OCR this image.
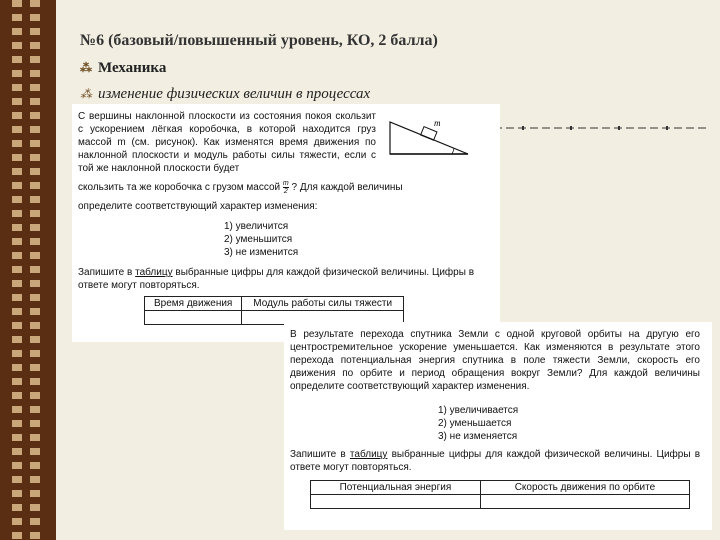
№6 (базовый/повышенный уровень, КО, 2 балла)
⁂ Механика
⁂ изменение физических величин в процессах
С вершины наклонной плоскости из состояния покоя скользит с ускорением лёгкая коробочка, в которой находится груз массой m (см. рисунок). Как изменятся время движения по наклонной плоскости и модуль работы силы тяжести, если с той же наклонной плоскости будет
скользить та же коробочка с грузом массой $\frac{m}{2}$ ? Для каждой величины
определите соответствующий характер изменения:
1) увеличится
2) уменьшится
3) не изменится
Запишите в таблицу выбранные цифры для каждой физической величины. Цифры в ответе могут повторяться.
Время движения	Модуль работы силы тяжести

m
В результате перехода спутника Земли с одной круговой орбиты на другую его центростремительное ускорение уменьшается. Как изменяются в результате этого перехода потенциальная энергия спутника в поле тяжести Земли, скорость его движения по орбите и период обращения вокруг Земли? Для каждой величины определите соответствующий характер изменения.
1) увеличивается
2) уменьшается
3) не изменяется
Запишите в таблицу выбранные цифры для каждой физической величины. Цифры в ответе могут повторяться.
Потенциальная энергия	Скорость движения по орбите
